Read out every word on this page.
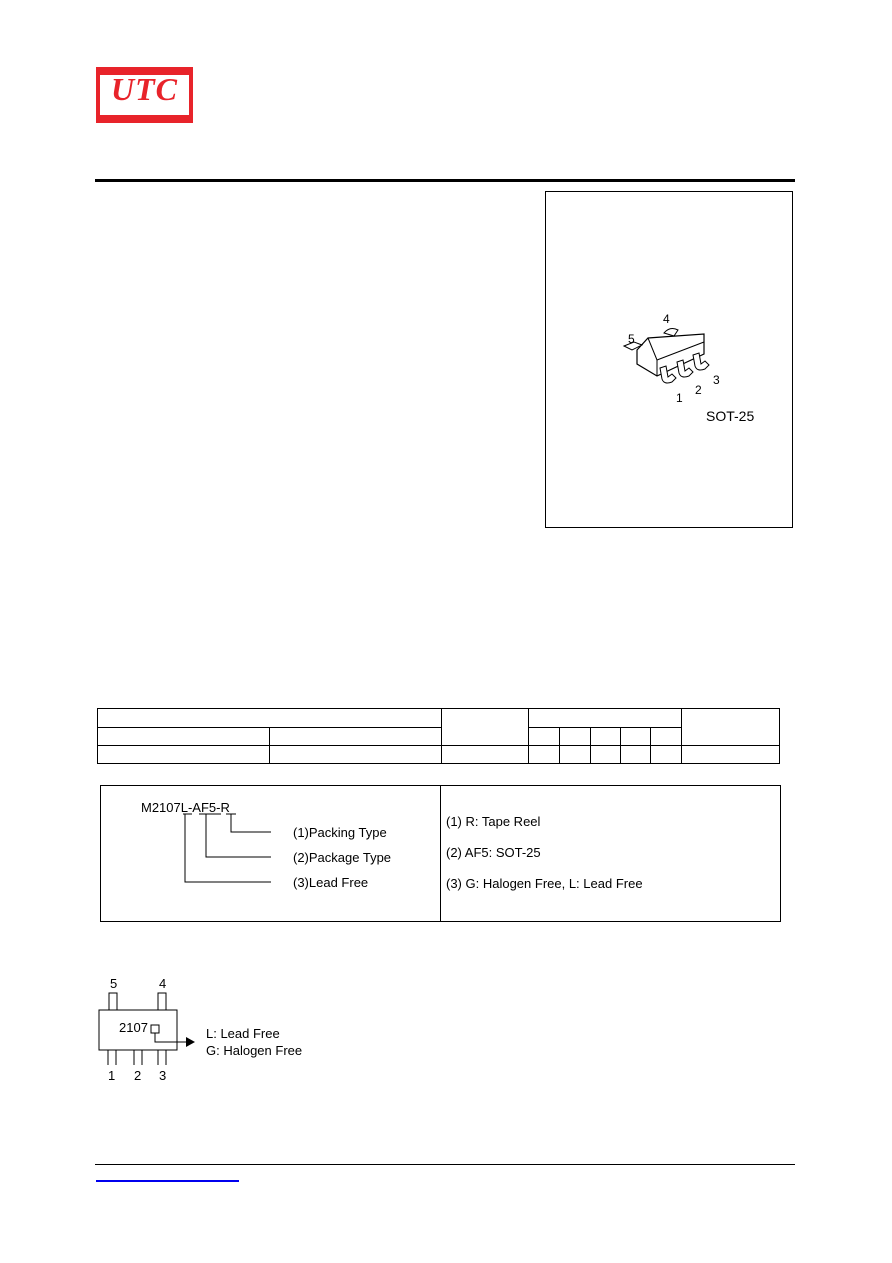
UTC
4
5
1
2
3
SOT-25
M2107L-AF5-R
(1)Packing Type
(2)Package Type
(3)Lead Free
(1) R: Tape Reel
(2) AF5: SOT-25
(3) G: Halogen Free, L: Lead Free
5	4
2107
1 2 3
L: Lead Free
G: Halogen Free
